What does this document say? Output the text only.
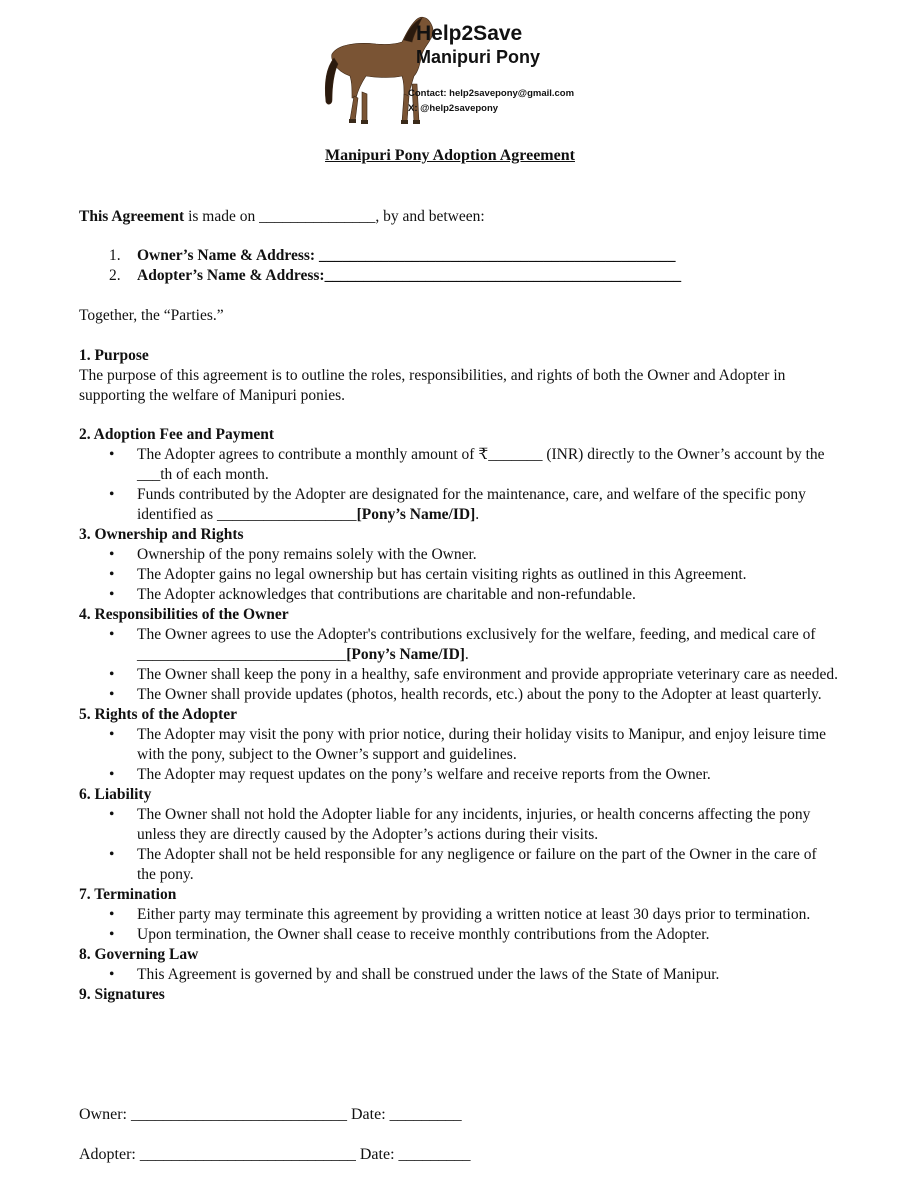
Help2Save
Manipuri Pony
Contact: help2savepony@gmail.com
X: @help2savepony
Manipuri Pony Adoption Agreement
This Agreement is made on _______________, by and between:
1. Owner’s Name & Address: ______________________________________________
2. Adopter’s Name & Address:______________________________________________
Together, the “Parties.”
1. Purpose
The purpose of this agreement is to outline the roles, responsibilities, and rights of both the Owner and Adopter in supporting the welfare of Manipuri ponies.
2. Adoption Fee and Payment
• The Adopter agrees to contribute a monthly amount of ₹_______ (INR) directly to the Owner’s account by the ___th of each month.
• Funds contributed by the Adopter are designated for the maintenance, care, and welfare of the specific pony identified as __________________[Pony’s Name/ID].
3. Ownership and Rights
• Ownership of the pony remains solely with the Owner.
• The Adopter gains no legal ownership but has certain visiting rights as outlined in this Agreement.
• The Adopter acknowledges that contributions are charitable and non-refundable.
4. Responsibilities of the Owner
• The Owner agrees to use the Adopter's contributions exclusively for the welfare, feeding, and medical care of ___________________________[Pony’s Name/ID].
• The Owner shall keep the pony in a healthy, safe environment and provide appropriate veterinary care as needed.
• The Owner shall provide updates (photos, health records, etc.) about the pony to the Adopter at least quarterly.
5. Rights of the Adopter
• The Adopter may visit the pony with prior notice, during their holiday visits to Manipur, and enjoy leisure time with the pony, subject to the Owner’s support and guidelines.
• The Adopter may request updates on the pony’s welfare and receive reports from the Owner.
6. Liability
• The Owner shall not hold the Adopter liable for any incidents, injuries, or health concerns affecting the pony unless they are directly caused by the Adopter’s actions during their visits.
• The Adopter shall not be held responsible for any negligence or failure on the part of the Owner in the care of the pony.
7. Termination
• Either party may terminate this agreement by providing a written notice at least 30 days prior to termination.
• Upon termination, the Owner shall cease to receive monthly contributions from the Adopter.
8. Governing Law
• This Agreement is governed by and shall be construed under the laws of the State of Manipur.
9. Signatures
Owner: ___________________________ Date: _________
Adopter: ___________________________ Date: _________
